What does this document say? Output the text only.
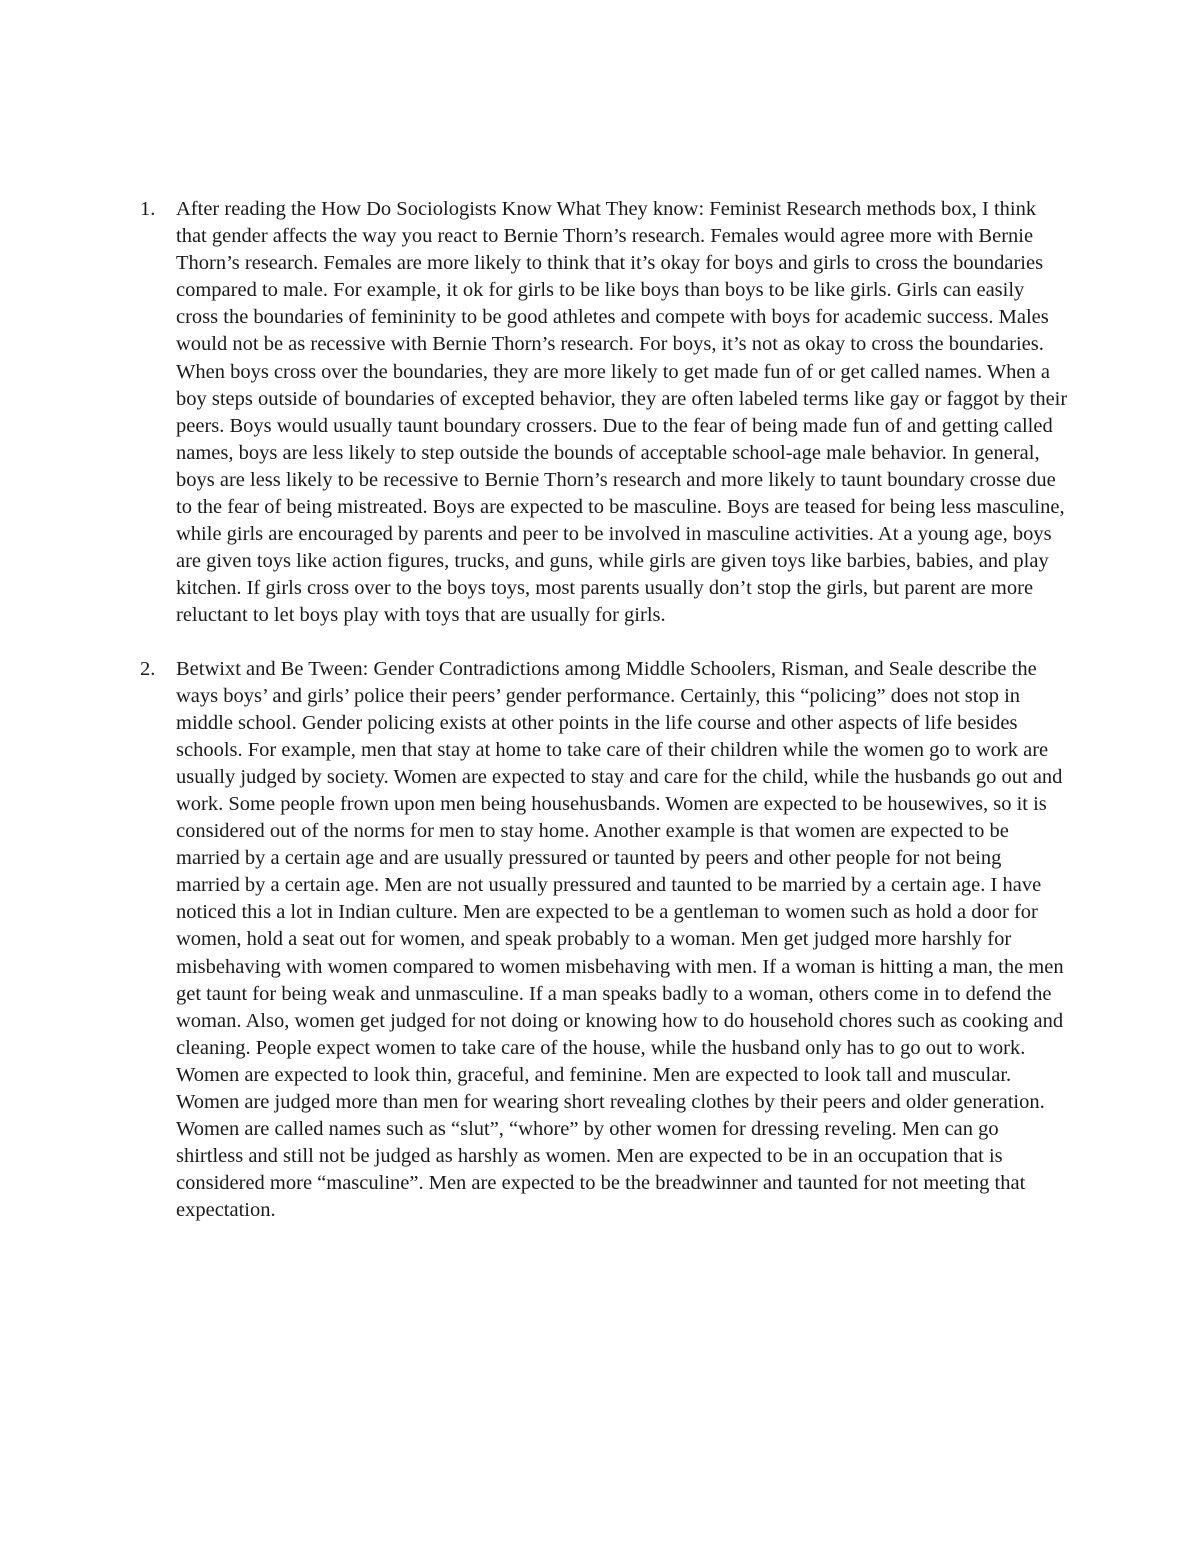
1. After reading the How Do Sociologists Know What They know: Feminist Research methods box, I think that gender affects the way you react to Bernie Thorn’s research. Females would agree more with Bernie Thorn’s research. Females are more likely to think that it’s okay for boys and girls to cross the boundaries compared to male. For example, it ok for girls to be like boys than boys to be like girls. Girls can easily cross the boundaries of femininity to be good athletes and compete with boys for academic success. Males would not be as recessive with Bernie Thorn’s research. For boys, it’s not as okay to cross the boundaries. When boys cross over the boundaries, they are more likely to get made fun of or get called names. When a boy steps outside of boundaries of excepted behavior, they are often labeled terms like gay or faggot by their peers. Boys would usually taunt boundary crossers. Due to the fear of being made fun of and getting called names, boys are less likely to step outside the bounds of acceptable school-age male behavior. In general, boys are less likely to be recessive to Bernie Thorn’s research and more likely to taunt boundary crosse due to the fear of being mistreated. Boys are expected to be masculine. Boys are teased for being less masculine, while girls are encouraged by parents and peer to be involved in masculine activities. At a young age, boys are given toys like action figures, trucks, and guns, while girls are given toys like barbies, babies, and play kitchen. If girls cross over to the boys toys, most parents usually don’t stop the girls, but parent are more reluctant to let boys play with toys that are usually for girls.

2. Betwixt and Be Tween: Gender Contradictions among Middle Schoolers, Risman, and Seale describe the ways boys’ and girls’ police their peers’ gender performance. Certainly, this “policing” does not stop in middle school. Gender policing exists at other points in the life course and other aspects of life besides schools. For example, men that stay at home to take care of their children while the women go to work are usually judged by society. Women are expected to stay and care for the child, while the husbands go out and work. Some people frown upon men being househusbands. Women are expected to be housewives, so it is considered out of the norms for men to stay home. Another example is that women are expected to be married by a certain age and are usually pressured or taunted by peers and other people for not being married by a certain age. Men are not usually pressured and taunted to be married by a certain age. I have noticed this a lot in Indian culture. Men are expected to be a gentleman to women such as hold a door for women, hold a seat out for women, and speak probably to a woman. Men get judged more harshly for misbehaving with women compared to women misbehaving with men. If a woman is hitting a man, the men get taunt for being weak and unmasculine. If a man speaks badly to a woman, others come in to defend the woman. Also, women get judged for not doing or knowing how to do household chores such as cooking and cleaning. People expect women to take care of the house, while the husband only has to go out to work. Women are expected to look thin, graceful, and feminine. Men are expected to look tall and muscular. Women are judged more than men for wearing short revealing clothes by their peers and older generation. Women are called names such as “slut”, “whore” by other women for dressing reveling. Men can go shirtless and still not be judged as harshly as women. Men are expected to be in an occupation that is considered more “masculine”. Men are expected to be the breadwinner and taunted for not meeting that expectation.
